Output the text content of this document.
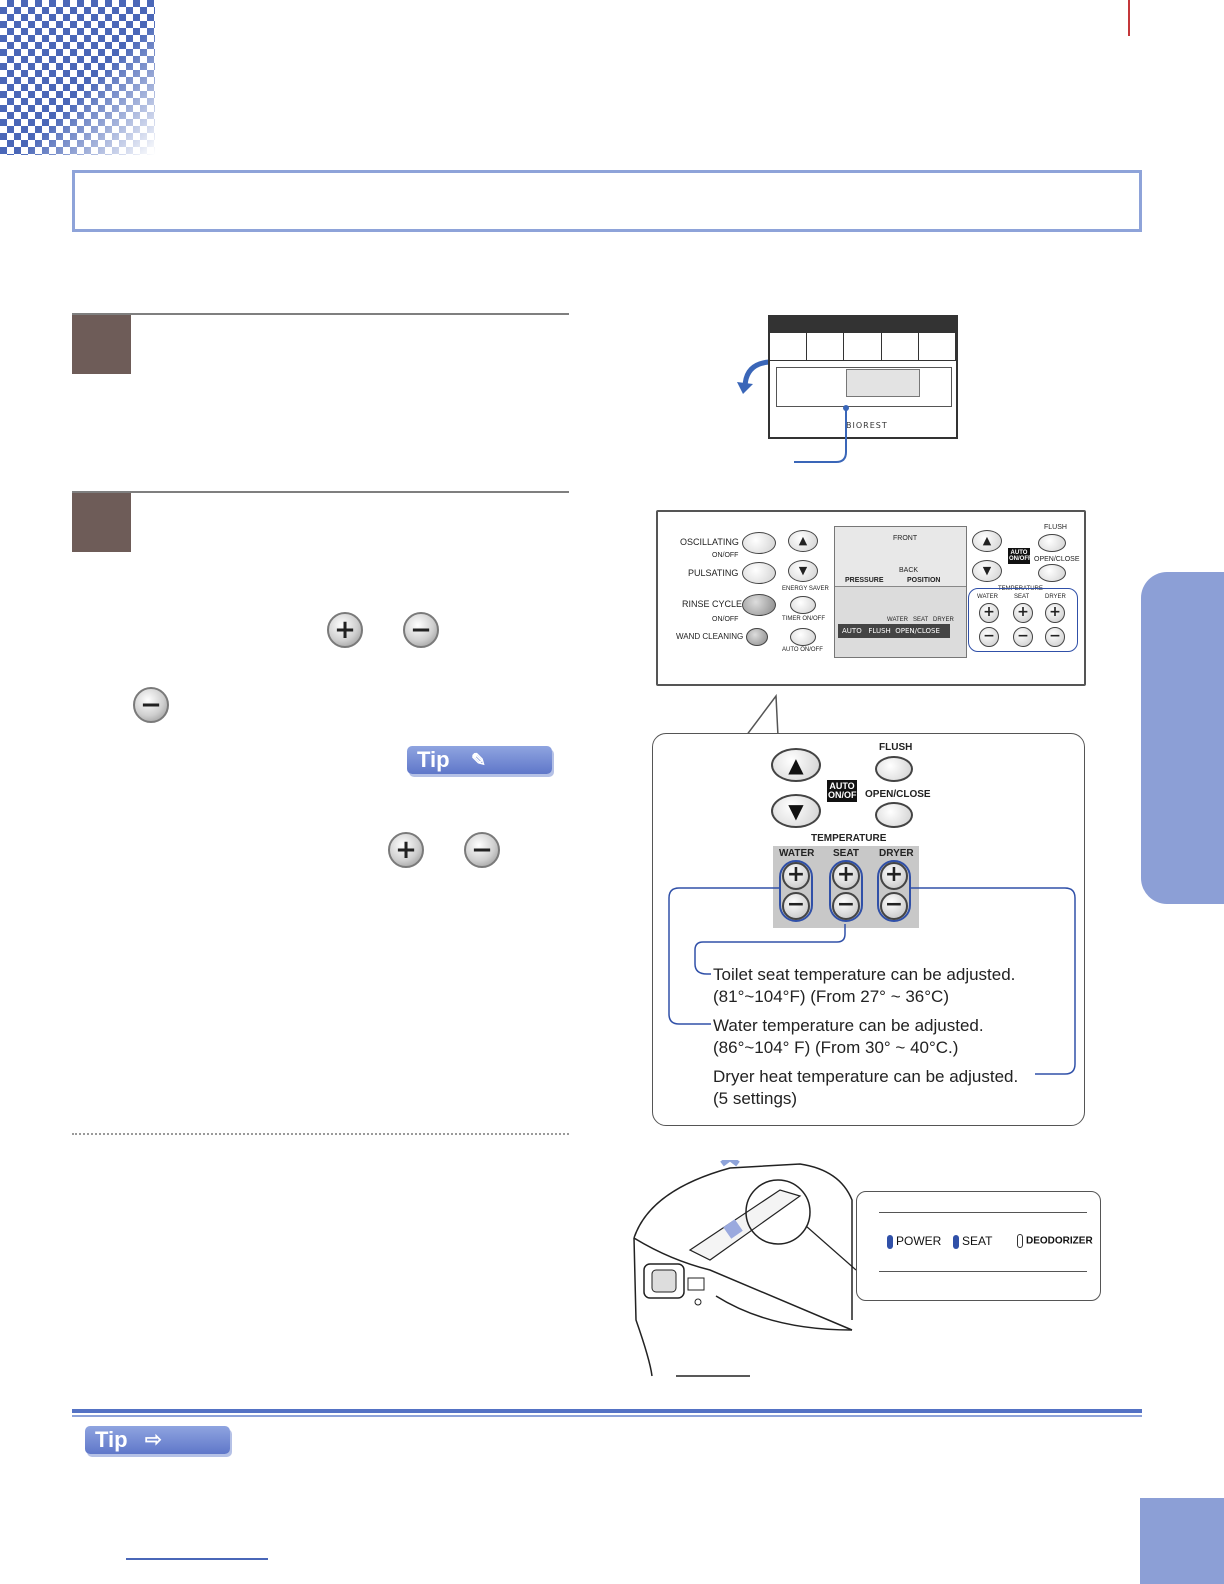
+ −
−
Tip ✎
+ −
BIOREST
OSCILLATING
ON/OFF
PULSATING
▲
▼
ENERGY SAVER
RINSE CYCLE
ON/OFF	TIMER ON/OFF
WAND CLEANING
AUTO ON/OFF
FRONT
BACK
PRESSURE	POSITION
WATER SEAT DRYER
AUTO FLUSH OPEN/CLOSE
▲
▼
AUTO ON/OFF
FLUSH
OPEN/CLOSE
TEMPERATURE
WATER	SEAT	DRYER
+
−
+
−
+
−
▲
▼
AUTO
ON/OFF
FLUSH
OPEN/CLOSE
TEMPERATURE
WATER SEAT DRYER
+
−
+
−
+
−
Toilet seat temperature can be adjusted.
(81°~104°F) (From 27° ~ 36°C)
Water temperature can be adjusted.
(86°~104° F) (From 30° ~ 40°C.)
Dryer heat temperature can be adjusted.
(5 settings)
POWER	SEAT	DEODORIZER
Tip ⇨
